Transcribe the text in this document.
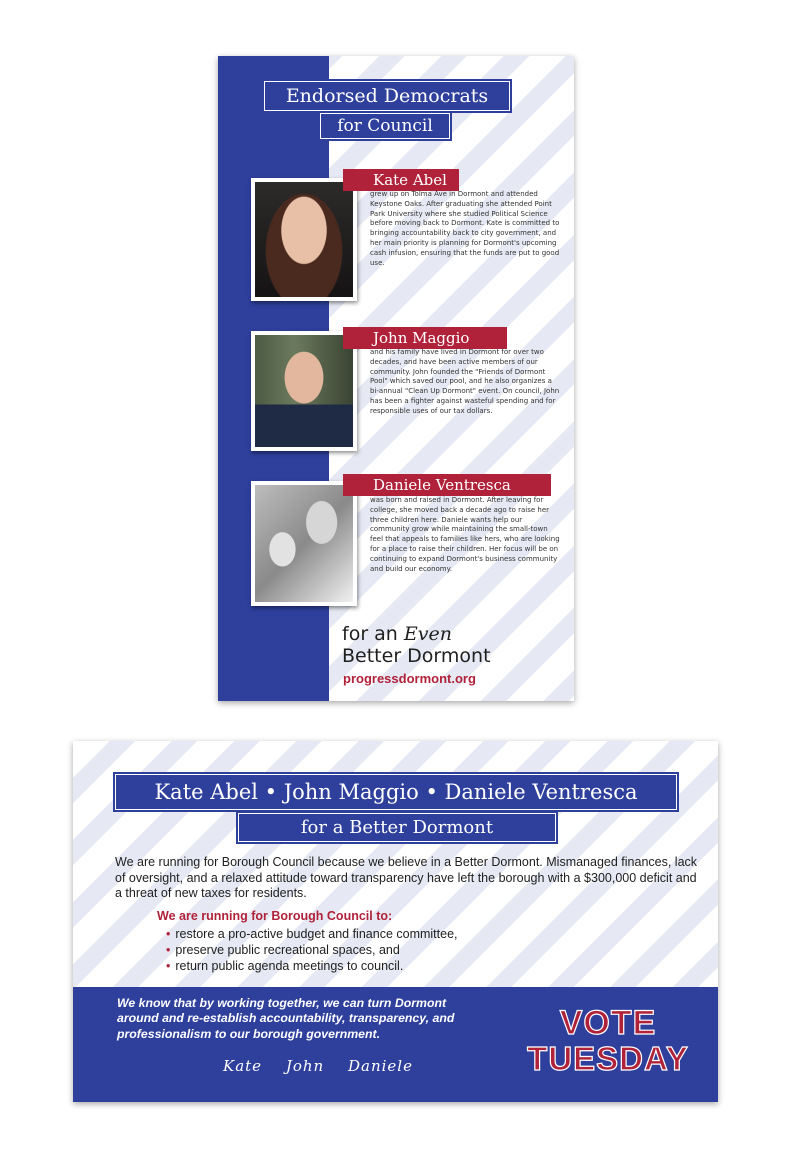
Endorsed Democrats
for Council
Kate Abel

grew up on Tolma Ave in Dormont and attended Keystone Oaks. After graduating she attended Point Park University where she studied Political Science before moving back to Dormont. Kate is committed to bringing accountability back to city government, and her main priority is planning for Dormont's upcoming cash infusion, ensuring that the funds are put to good use.

John Maggio

and his family have lived in Dormont for over two decades, and have been active members of our community. John founded the "Friends of Dormont Pool" which saved our pool, and he also organizes a bi-annual "Clean Up Dormont" event. On council, John has been a fighter against wasteful spending and for responsible uses of our tax dollars.

Daniele Ventresca

was born and raised in Dormont. After leaving for college, she moved back a decade ago to raise her three children here. Daniele wants help our community grow while maintaining the small-town feel that appeals to families like hers, who are looking for a place to raise their children. Her focus will be on continuing to expand Dormont's business community and build our economy.

for an Even
Better Dormont
progressdormont.org
Kate Abel • John Maggio • Daniele Ventresca
for a Better Dormont

We are running for Borough Council because we believe in a Better Dormont. Mismanaged finances, lack of oversight, and a relaxed attitude toward transparency have left the borough with a $300,000 deficit and a threat of new taxes for residents.

We are running for Borough Council to:
• restore a pro-active budget and finance committee,
• preserve public recreational spaces, and
• return public agenda meetings to council.

We know that by working together, we can turn Dormont around and re-establish accountability, transparency, and professionalism to our borough government.

Kate John Daniele
VOTE
TUESDAY
